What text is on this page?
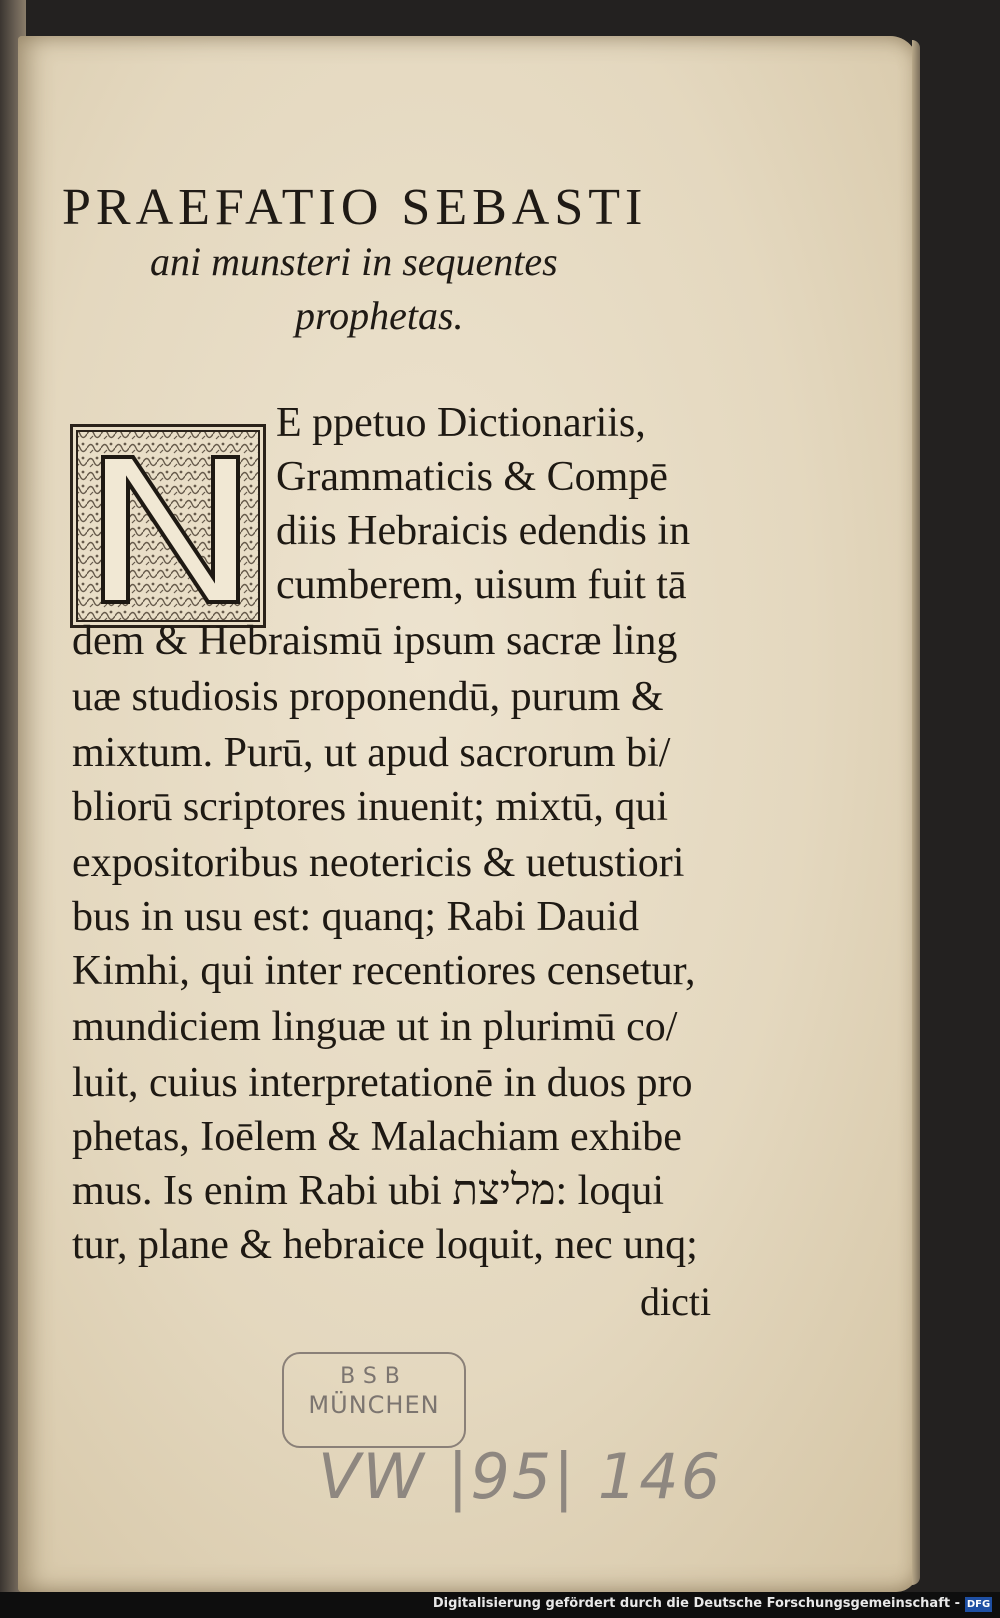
PRAEFATIO SEBASTI
ani munsteri in sequentes
prophetas.
E ppetuo Dictionariis,
Grammaticis & Compē
diis Hebraicis edendis in
cumberem, uisum fuit tā
dem & Hebraismū ipsum sacræ ling
uæ studiosis proponendū, purum &
mixtum. Purū, ut apud sacrorum bi/
bliorū scriptores inuenit; mixtū, qui
expositoribus neotericis & uetustiori
bus in usu est: quanq; Rabi Dauid
Kimhi, qui inter recentiores censetur,
mundiciem linguæ ut in plurimū co/
luit, cuius interpretationē in duos pro
phetas, Ioēlem & Malachiam exhibe
mus. Is enim Rabi ubi מליצת: loqui
tur, plane & hebraice loquit, nec unq;
dicti
BSB
MÜNCHEN
VW |95| 146
Digitalisierung gefördert durch die Deutsche Forschungsgemeinschaft - DFG
